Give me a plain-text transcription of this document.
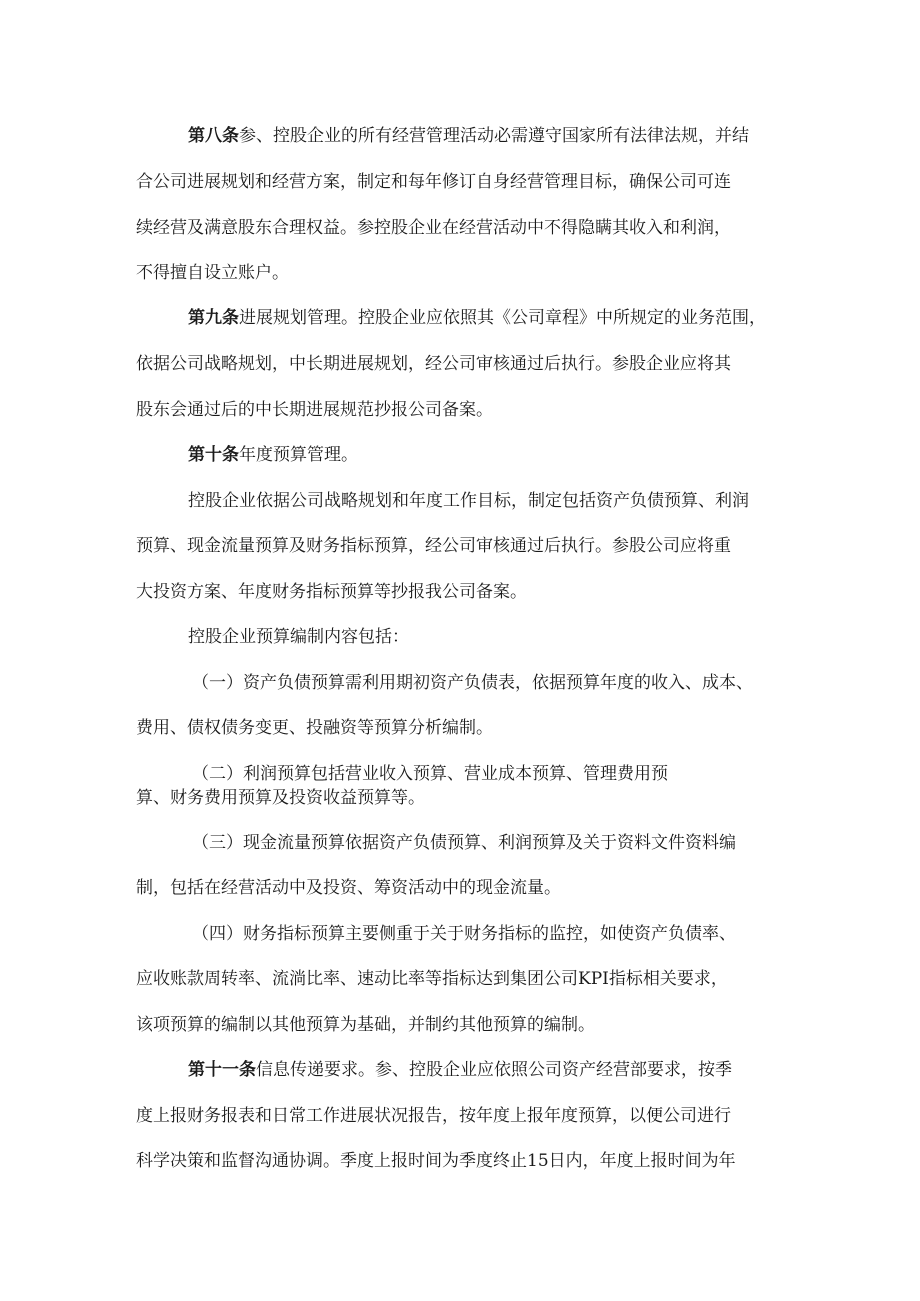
第八条参、控股企业的所有经营管理活动必需遵守国家所有法律法规，并结
合公司进展规划和经营方案，制定和每年修订自身经营管理目标，确保公司可连
续经营及满意股东合理权益。参控股企业在经营活动中不得隐瞒其收入和利润，
不得擅自设立账户。
第九条进展规划管理。控股企业应依照其《公司章程》中所规定的业务范围，
依据公司战略规划，中长期进展规划，经公司审核通过后执行。参股企业应将其
股东会通过后的中长期进展规范抄报公司备案。
第十条年度预算管理。
控股企业依据公司战略规划和年度工作目标，制定包括资产负债预算、利润
预算、现金流量预算及财务指标预算，经公司审核通过后执行。参股公司应将重
大投资方案、年度财务指标预算等抄报我公司备案。
控股企业预算编制内容包括：
（一）资产负债预算需利用期初资产负债表，依据预算年度的收入、成本、
费用、债权债务变更、投融资等预算分析编制。
（二）利润预算包括营业收入预算、营业成本预算、管理费用预
算、财务费用预算及投资收益预算等。
（三）现金流量预算依据资产负债预算、利润预算及关于资料文件资料编
制，包括在经营活动中及投资、筹资活动中的现金流量。
（四）财务指标预算主要侧重于关于财务指标的监控，如使资产负债率、
应收账款周转率、流淌比率、速动比率等指标达到集团公司KPI指标相关要求，
该项预算的编制以其他预算为基础，并制约其他预算的编制。
第十一条信息传递要求。参、控股企业应依照公司资产经营部要求，按季
度上报财务报表和日常工作进展状况报告，按年度上报年度预算，以便公司进行
科学决策和监督沟通协调。季度上报时间为季度终止15日内，年度上报时间为年
